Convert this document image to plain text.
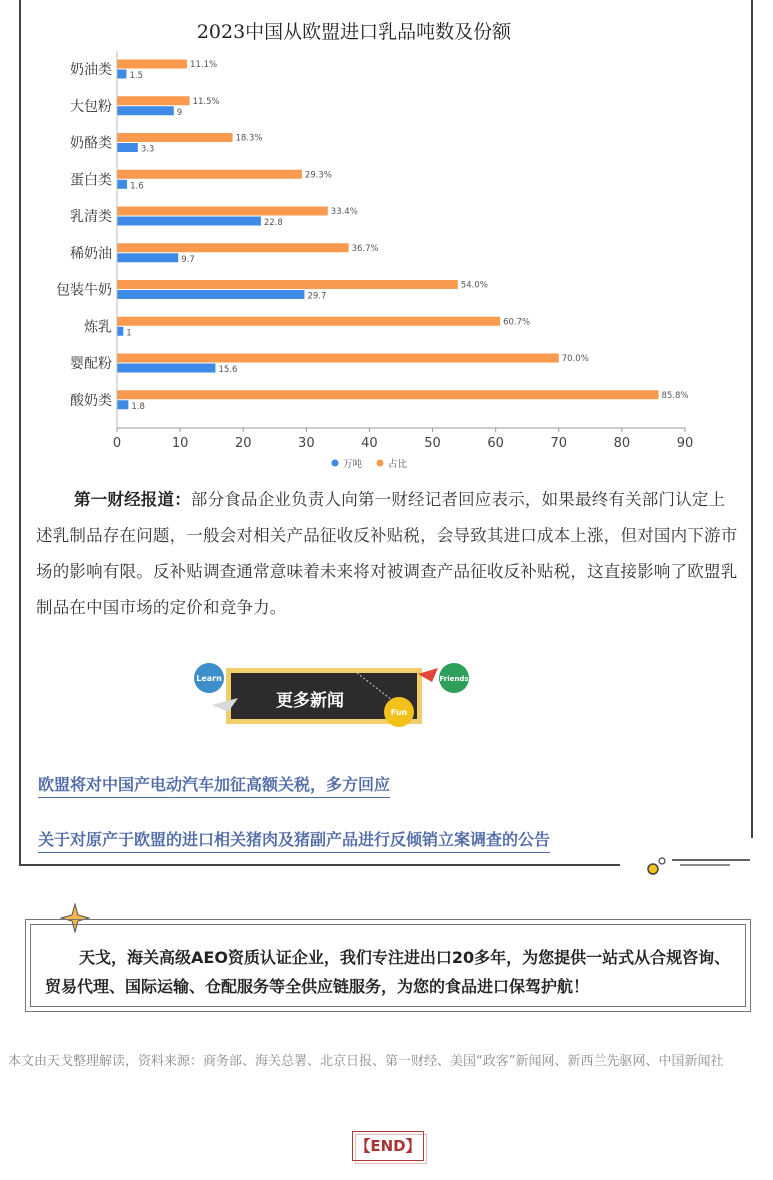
2023中国从欧盟进口乳品吨数及份额
奶油类	11.1%
1.5
大包粉	11.5%
9
奶酪类	18.3%
3.3
蛋白类	29.3%
1.6
乳清类	33.4%
22.8
稀奶油	36.7%
9.7
包装牛奶	54.0%
29.7
炼乳	60.7%
1
婴配粉	70.0%
15.6
酸奶类	85.8%
1.8
0	10	20	30	40	50	60	70	80	90
万吨	占比
第一财经报道：部分食品企业负责人向第一财经记者回应表示，如果最终有关部门认定上述乳制品存在问题，一般会对相关产品征收反补贴税，会导致其进口成本上涨，但对国内下游市场的影响有限。反补贴调查通常意味着未来将对被调查产品征收反补贴税，这直接影响了欧盟乳制品在中国市场的定价和竞争力。
Learn	Friends
Fun
更多新闻
欧盟将对中国产电动汽车加征高额关税，多方回应
关于对原产于欧盟的进口相关猪肉及猪副产品进行反倾销立案调查的公告
天戈，海关高级AEO资质认证企业，我们专注进出口20多年，为您提供一站式从合规咨询、贸易代理、国际运输、仓配服务等全供应链服务，为您的食品进口保驾护航！
本文由天戈整理解读，资料来源：商务部、海关总署、北京日报、第一财经、美国“政客”新闻网、新西兰先驱网、中国新闻社
【END】
